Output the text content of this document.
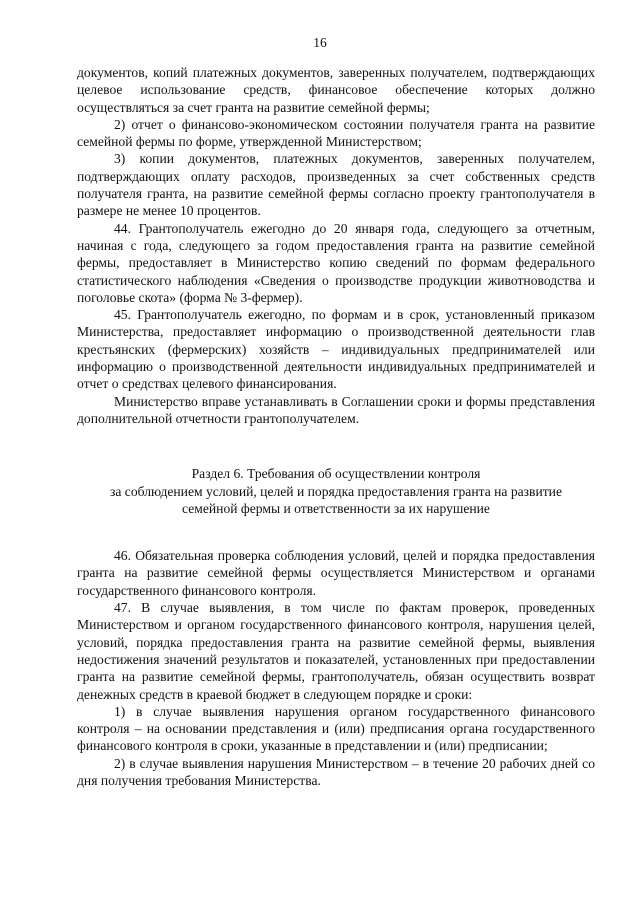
16

документов, копий платежных документов, заверенных получателем, подтверждающих целевое использование средств, финансовое обеспечение которых должно осуществляться за счет гранта на развитие семейной фермы;

2) отчет о финансово-экономическом состоянии получателя гранта на развитие семейной фермы по форме, утвержденной Министерством;

3) копии документов, платежных документов, заверенных получателем, подтверждающих оплату расходов, произведенных за счет собственных средств получателя гранта, на развитие семейной фермы согласно проекту грантополучателя в размере не менее 10 процентов.

44. Грантополучатель ежегодно до 20 января года, следующего за отчетным, начиная с года, следующего за годом предоставления гранта на развитие семейной фермы, предоставляет в Министерство копию сведений по формам федерального статистического наблюдения «Сведения о производстве продукции животноводства и поголовье скота» (форма № 3-фермер).

45. Грантополучатель ежегодно, по формам и в срок, установленный приказом Министерства, предоставляет информацию о производственной деятельности глав крестьянских (фермерских) хозяйств – индивидуальных предпринимателей или информацию о производственной деятельности индивидуальных предпринимателей и отчет о средствах целевого финансирования.

Министерство вправе устанавливать в Соглашении сроки и формы представления дополнительной отчетности грантополучателем.

Раздел 6. Требования об осуществлении контроля
за соблюдением условий, целей и порядка предоставления гранта на развитие
семейной фермы и ответственности за их нарушение

46. Обязательная проверка соблюдения условий, целей и порядка предоставления гранта на развитие семейной фермы осуществляется Министерством и органами государственного финансового контроля.

47. В случае выявления, в том числе по фактам проверок, проведенных Министерством и органом государственного финансового контроля, нарушения целей, условий, порядка предоставления гранта на развитие семейной фермы, выявления недостижения значений результатов и показателей, установленных при предоставлении гранта на развитие семейной фермы, грантополучатель, обязан осуществить возврат денежных средств в краевой бюджет в следующем порядке и сроки:

1) в случае выявления нарушения органом государственного финансового контроля – на основании представления и (или) предписания органа государственного финансового контроля в сроки, указанные в представлении и (или) предписании;

2) в случае выявления нарушения Министерством – в течение 20 рабочих дней со дня получения требования Министерства.
